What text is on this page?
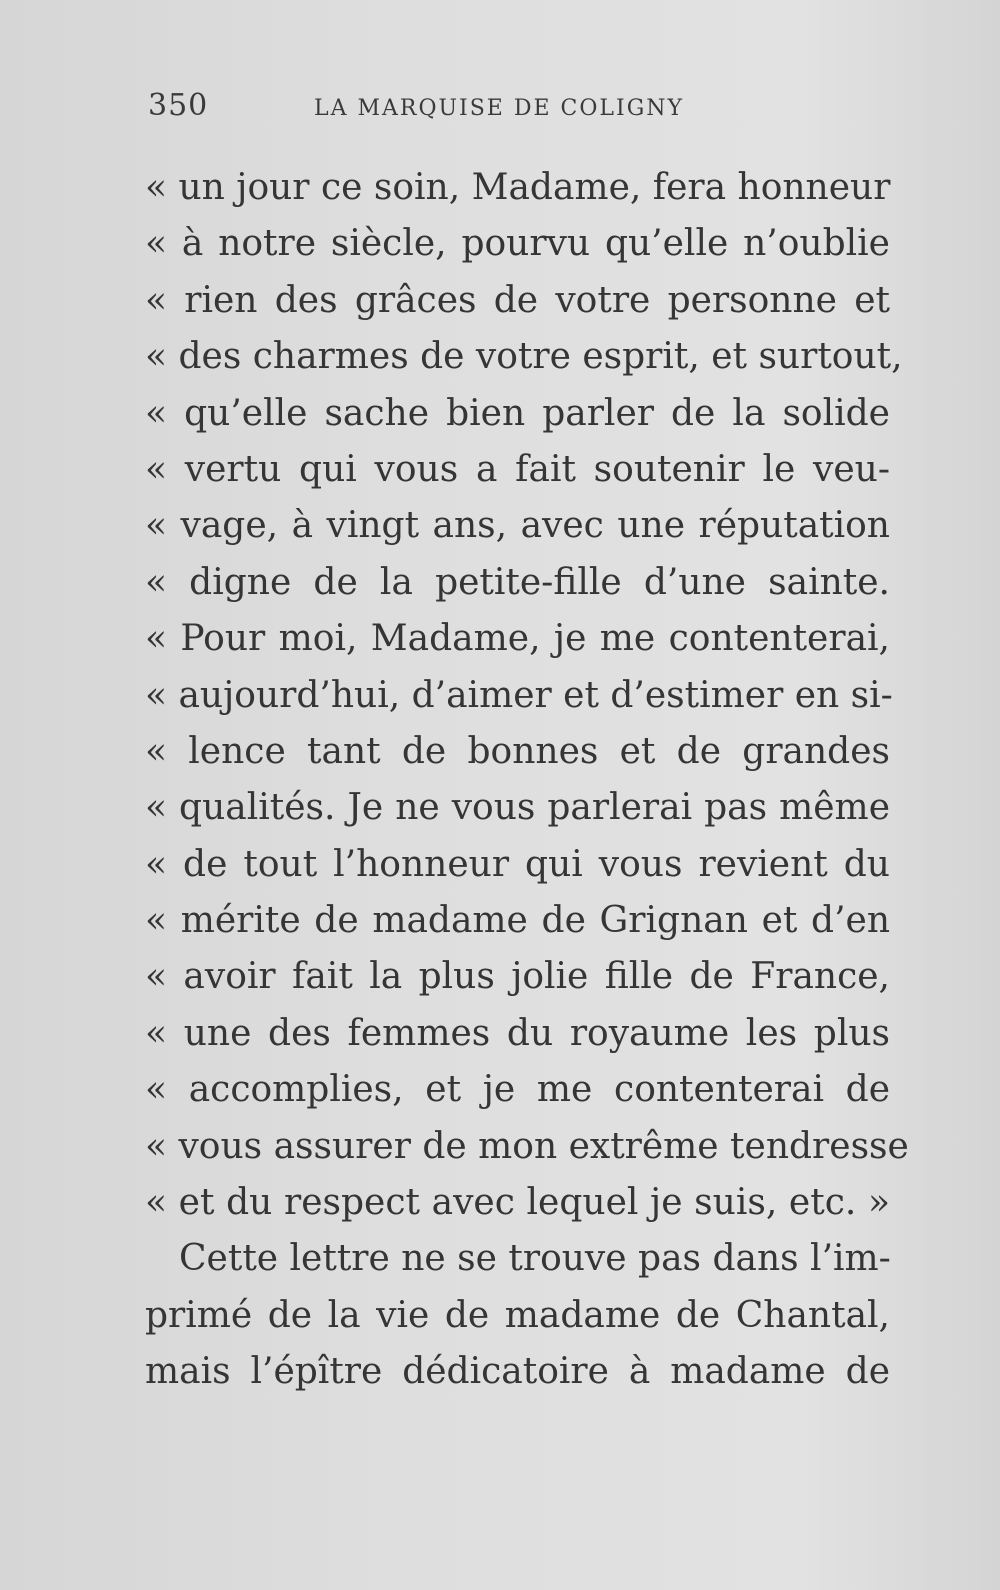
350	LA MARQUISE DE COLIGNY
« un jour ce soin, Madame, fera honneur
« à notre siècle, pourvu qu’elle n’oublie
« rien des grâces de votre personne et
« des charmes de votre esprit, et surtout,
« qu’elle sache bien parler de la solide
« vertu qui vous a fait soutenir le veu-
« vage, à vingt ans, avec une réputation
« digne de la petite-fille d’une sainte.
« Pour moi, Madame, je me contenterai,
« aujourd’hui, d’aimer et d’estimer en si-
« lence tant de bonnes et de grandes
« qualités. Je ne vous parlerai pas même
« de tout l’honneur qui vous revient du
« mérite de madame de Grignan et d’en
« avoir fait la plus jolie fille de France,
« une des femmes du royaume les plus
« accomplies, et je me contenterai de
« vous assurer de mon extrême tendresse
« et du respect avec lequel je suis, etc. »
Cette lettre ne se trouve pas dans l’im-
primé de la vie de madame de Chantal,
mais l’épître dédicatoire à madame de
